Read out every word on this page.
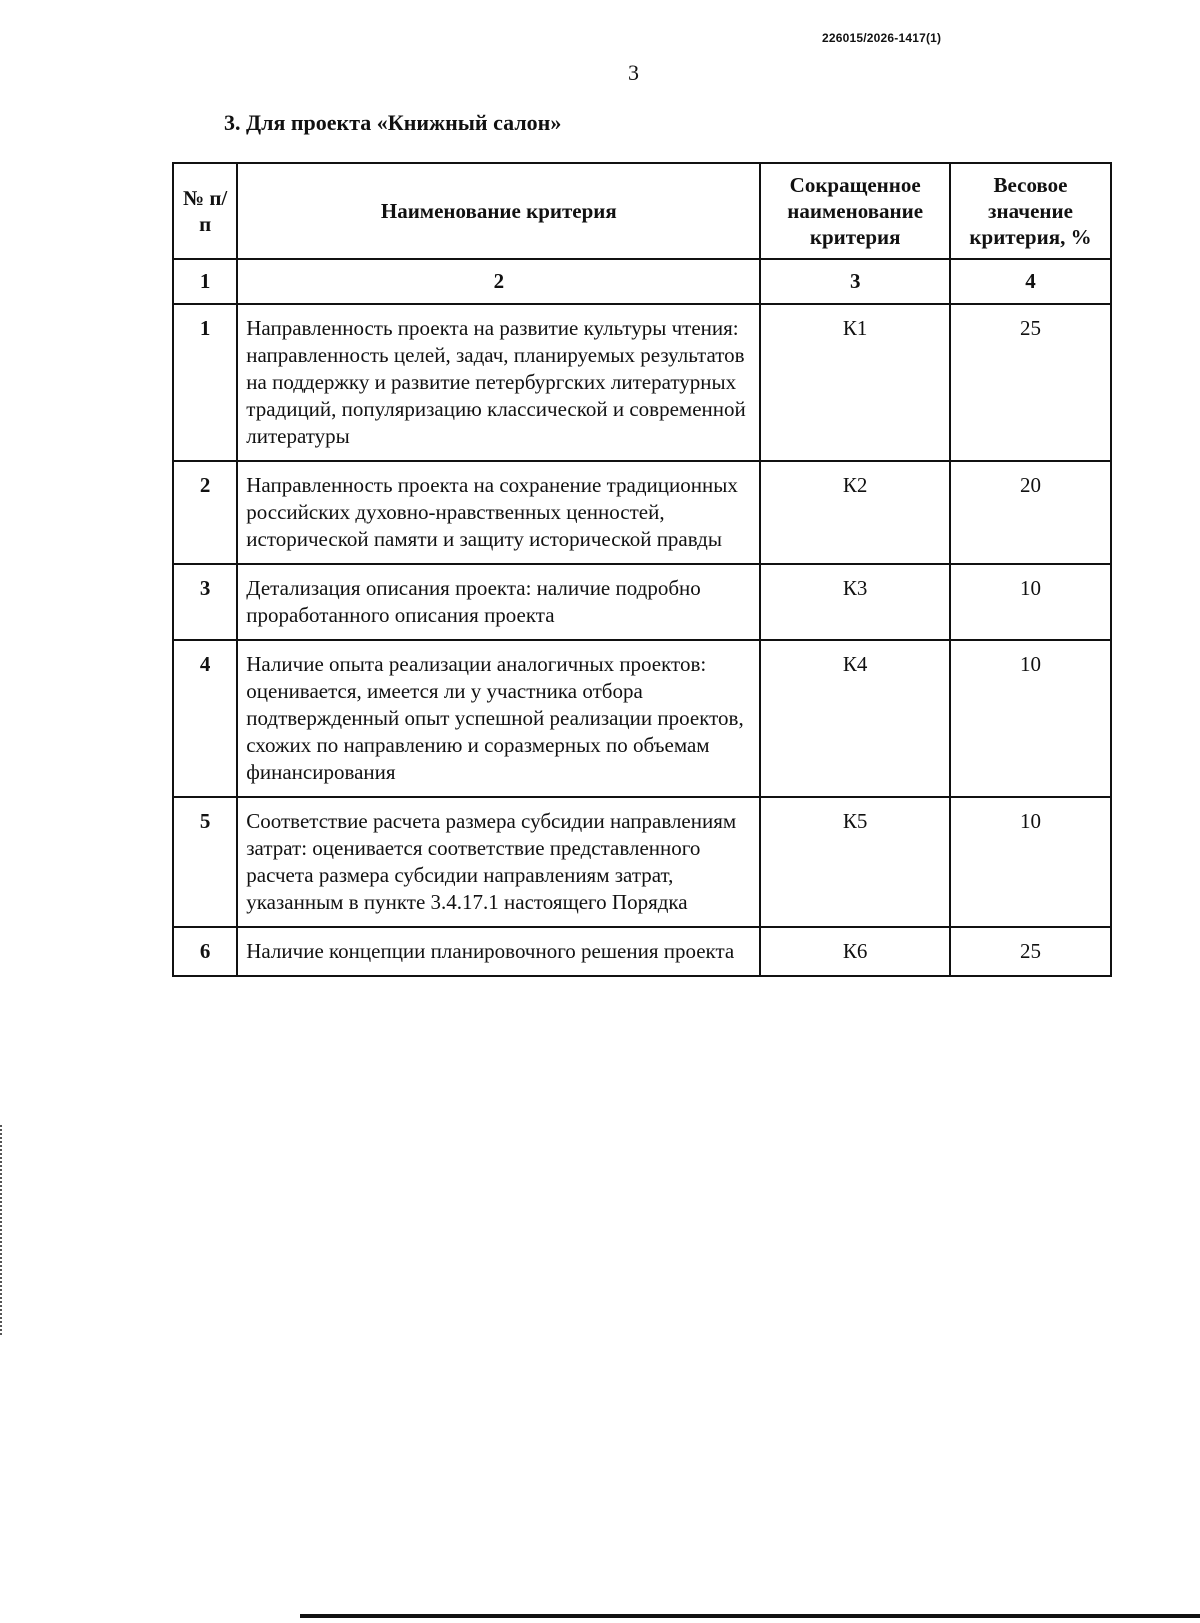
226015/2026-1417(1)
3
3. Для проекта «Книжный салон»
№ п/п	Наименование критерия	Сокращенное наименование критерия	Весовое значение критерия, %
1	2	3	4
1	Направленность проекта на развитие культуры чтения: направленность целей, задач, планируемых результатов на поддержку и развитие петербургских литературных традиций, популяризацию классической и современной литературы	К1	25
2	Направленность проекта на сохранение традиционных российских духовно-нравственных ценностей, исторической памяти и защиту исторической правды	К2	20
3	Детализация описания проекта: наличие подробно проработанного описания проекта	К3	10
4	Наличие опыта реализации аналогичных проектов: оценивается, имеется ли у участника отбора подтвержденный опыт успешной реализации проектов, схожих по направлению и соразмерных по объемам финансирования	К4	10
5	Соответствие расчета размера субсидии направлениям затрат: оценивается соответствие представленного расчета размера субсидии направлениям затрат, указанным в пункте 3.4.17.1 настоящего Порядка	К5	10
6	Наличие концепции планировочного решения проекта	К6	25
